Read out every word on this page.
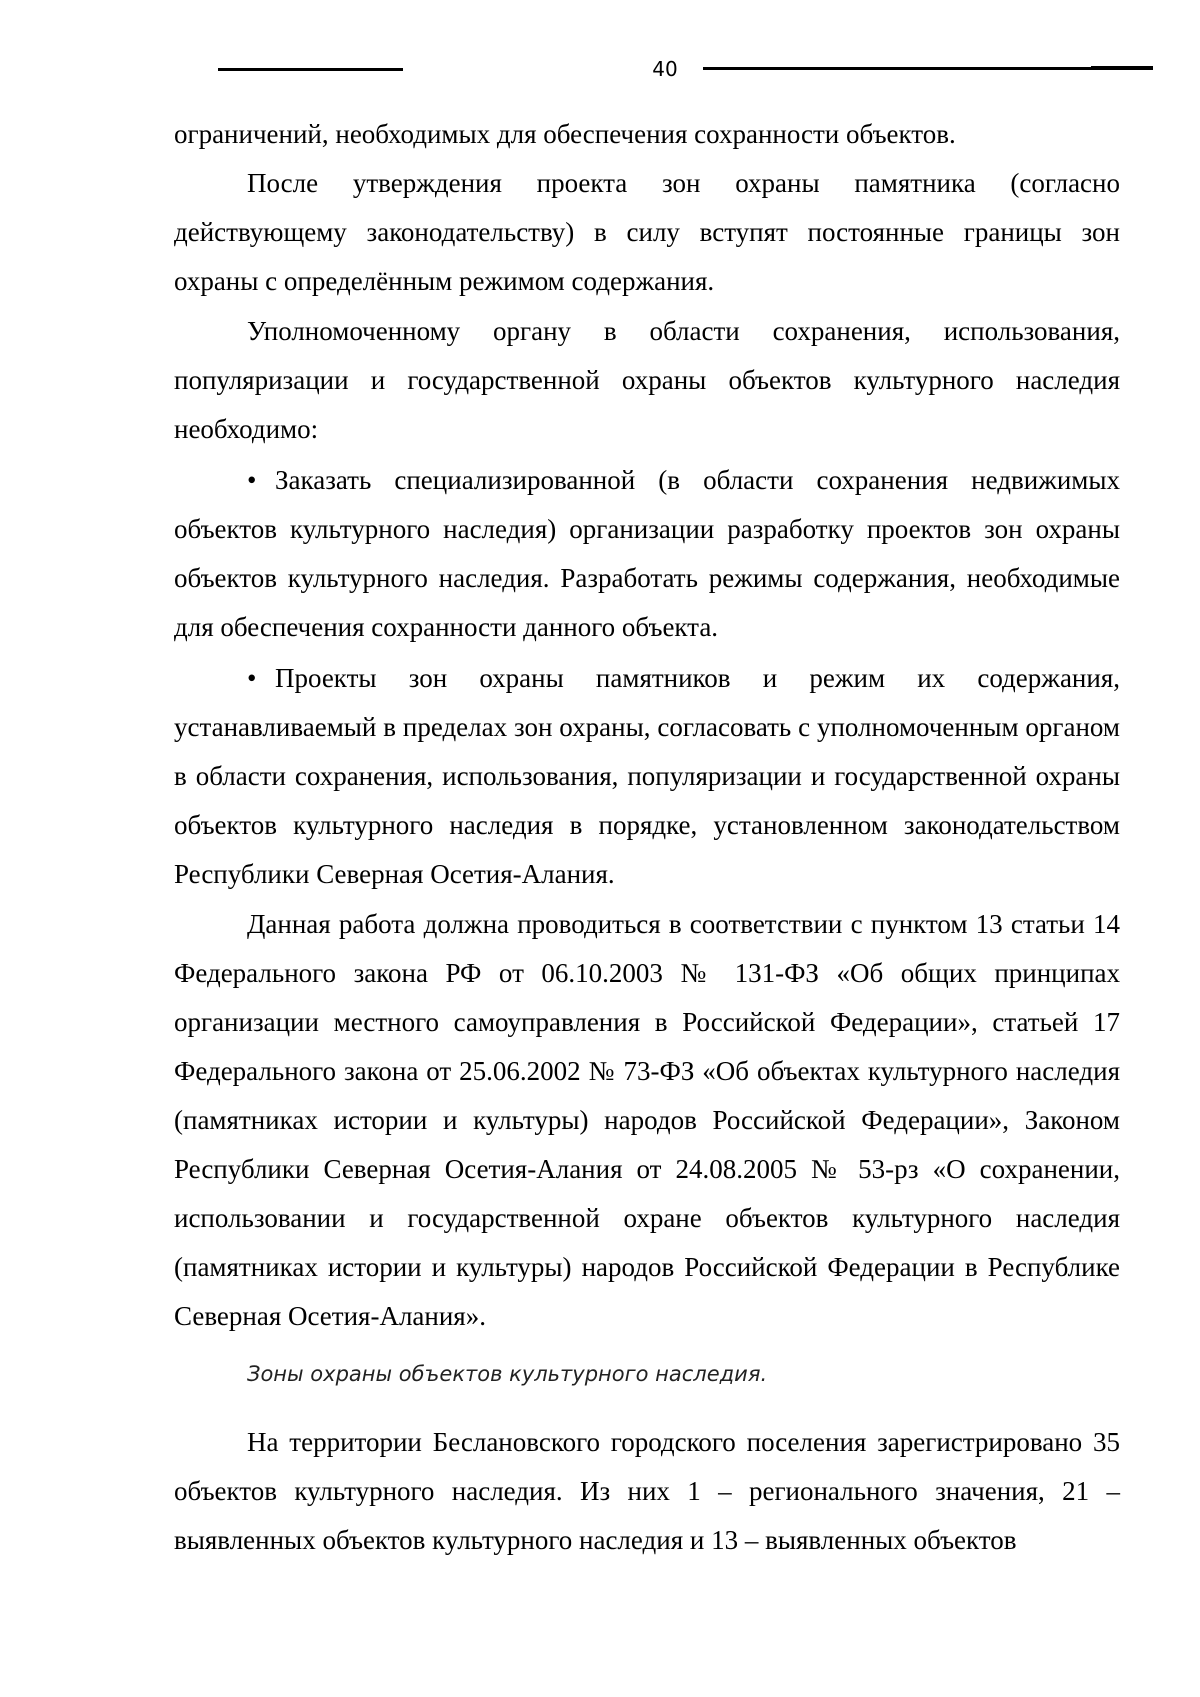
40

ограничений, необходимых для обеспечения сохранности объектов.

После утверждения проекта зон охраны памятника (согласно действующему законодательству) в силу вступят постоянные границы зон охраны с определённым режимом содержания.

Уполномоченному органу в области сохранения, использования, популяризации и государственной охраны объектов культурного наследия необходимо:

• Заказать специализированной (в области сохранения недвижимых объектов культурного наследия) организации разработку проектов зон охраны объектов культурного наследия. Разработать режимы содержания, необходимые для обеспечения сохранности данного объекта.

• Проекты зон охраны памятников и режим их содержания, устанавливаемый в пределах зон охраны, согласовать с уполномоченным органом в области сохранения, использования, популяризации и государственной охраны объектов культурного наследия в порядке, установленном законодательством Республики Северная Осетия-Алания.

Данная работа должна проводиться в соответствии с пунктом 13 статьи 14 Федерального закона РФ от 06.10.2003 № 131-ФЗ «Об общих принципах организации местного самоуправления в Российской Федерации», статьей 17 Федерального закона от 25.06.2002 № 73-ФЗ «Об объектах культурного наследия (памятниках истории и культуры) народов Российской Федерации», Законом Республики Северная Осетия-Алания от 24.08.2005 № 53-рз «О сохранении, использовании и государственной охране объектов культурного наследия (памятниках истории и культуры) народов Российской Федерации в Республике Северная Осетия-Алания».

Зоны охраны объектов культурного наследия.

На территории Беслановского городского поселения зарегистрировано 35 объектов культурного наследия. Из них 1 – регионального значения, 21 – выявленных объектов культурного наследия и 13 – выявленных объектов
